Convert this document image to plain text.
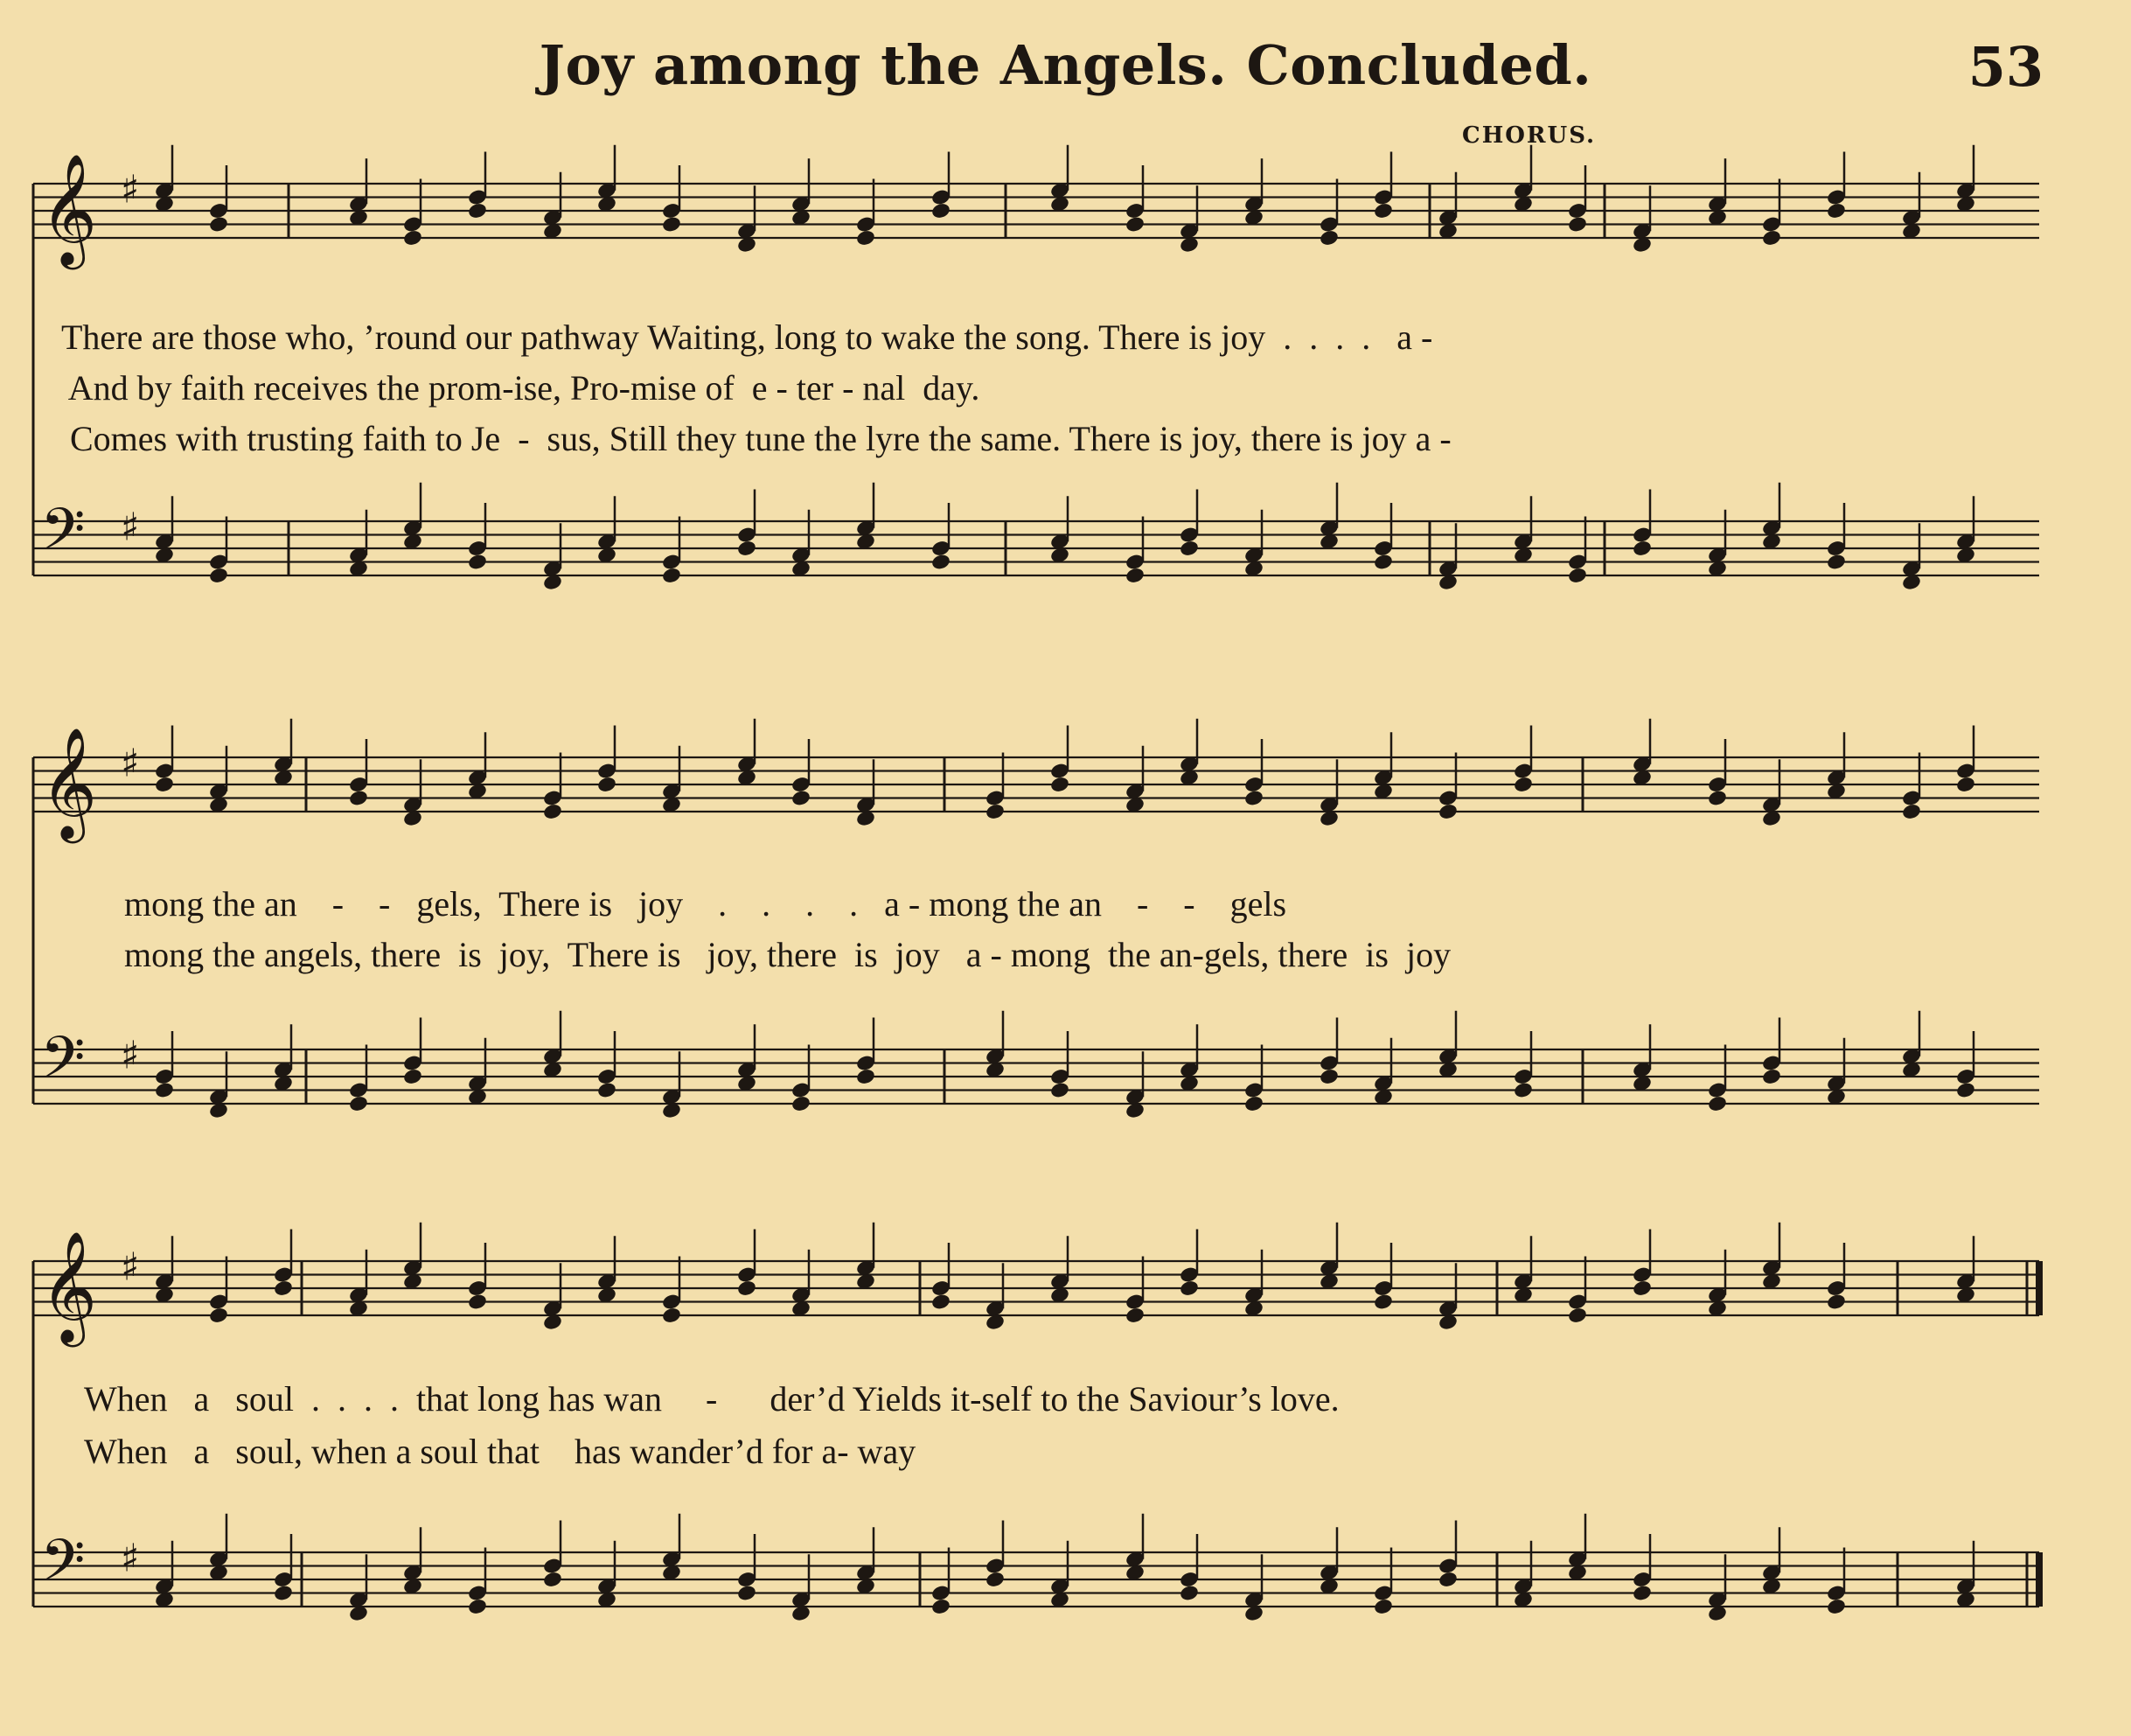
Joy among the Angels. Concluded.	53
CHORUS.
𝄞 ♯
𝄢 ♯
𝄞 ♯
𝄢 ♯
𝄞 ♯
𝄢 ♯
There are those who, ’round our pathway Waiting, long to wake the song. There is joy  .  .  .  .   a -
And by faith receives the prom-ise, Pro-mise of  e - ter - nal  day.
Comes with trusting faith to Je  -  sus, Still they tune the lyre the same. There is joy, there is joy a -
mong the an    -    -   gels,  There is   joy    .    .    .    .   a - mong the an    -    -    gels
mong the angels, there  is  joy,  There is   joy, there  is  joy   a - mong  the an-gels, there  is  joy
When   a   soul  .  .  .  .  that long has wan     -      der’d Yields it-self to the Saviour’s love.
When   a   soul, when a soul that    has wander’d for a- way
